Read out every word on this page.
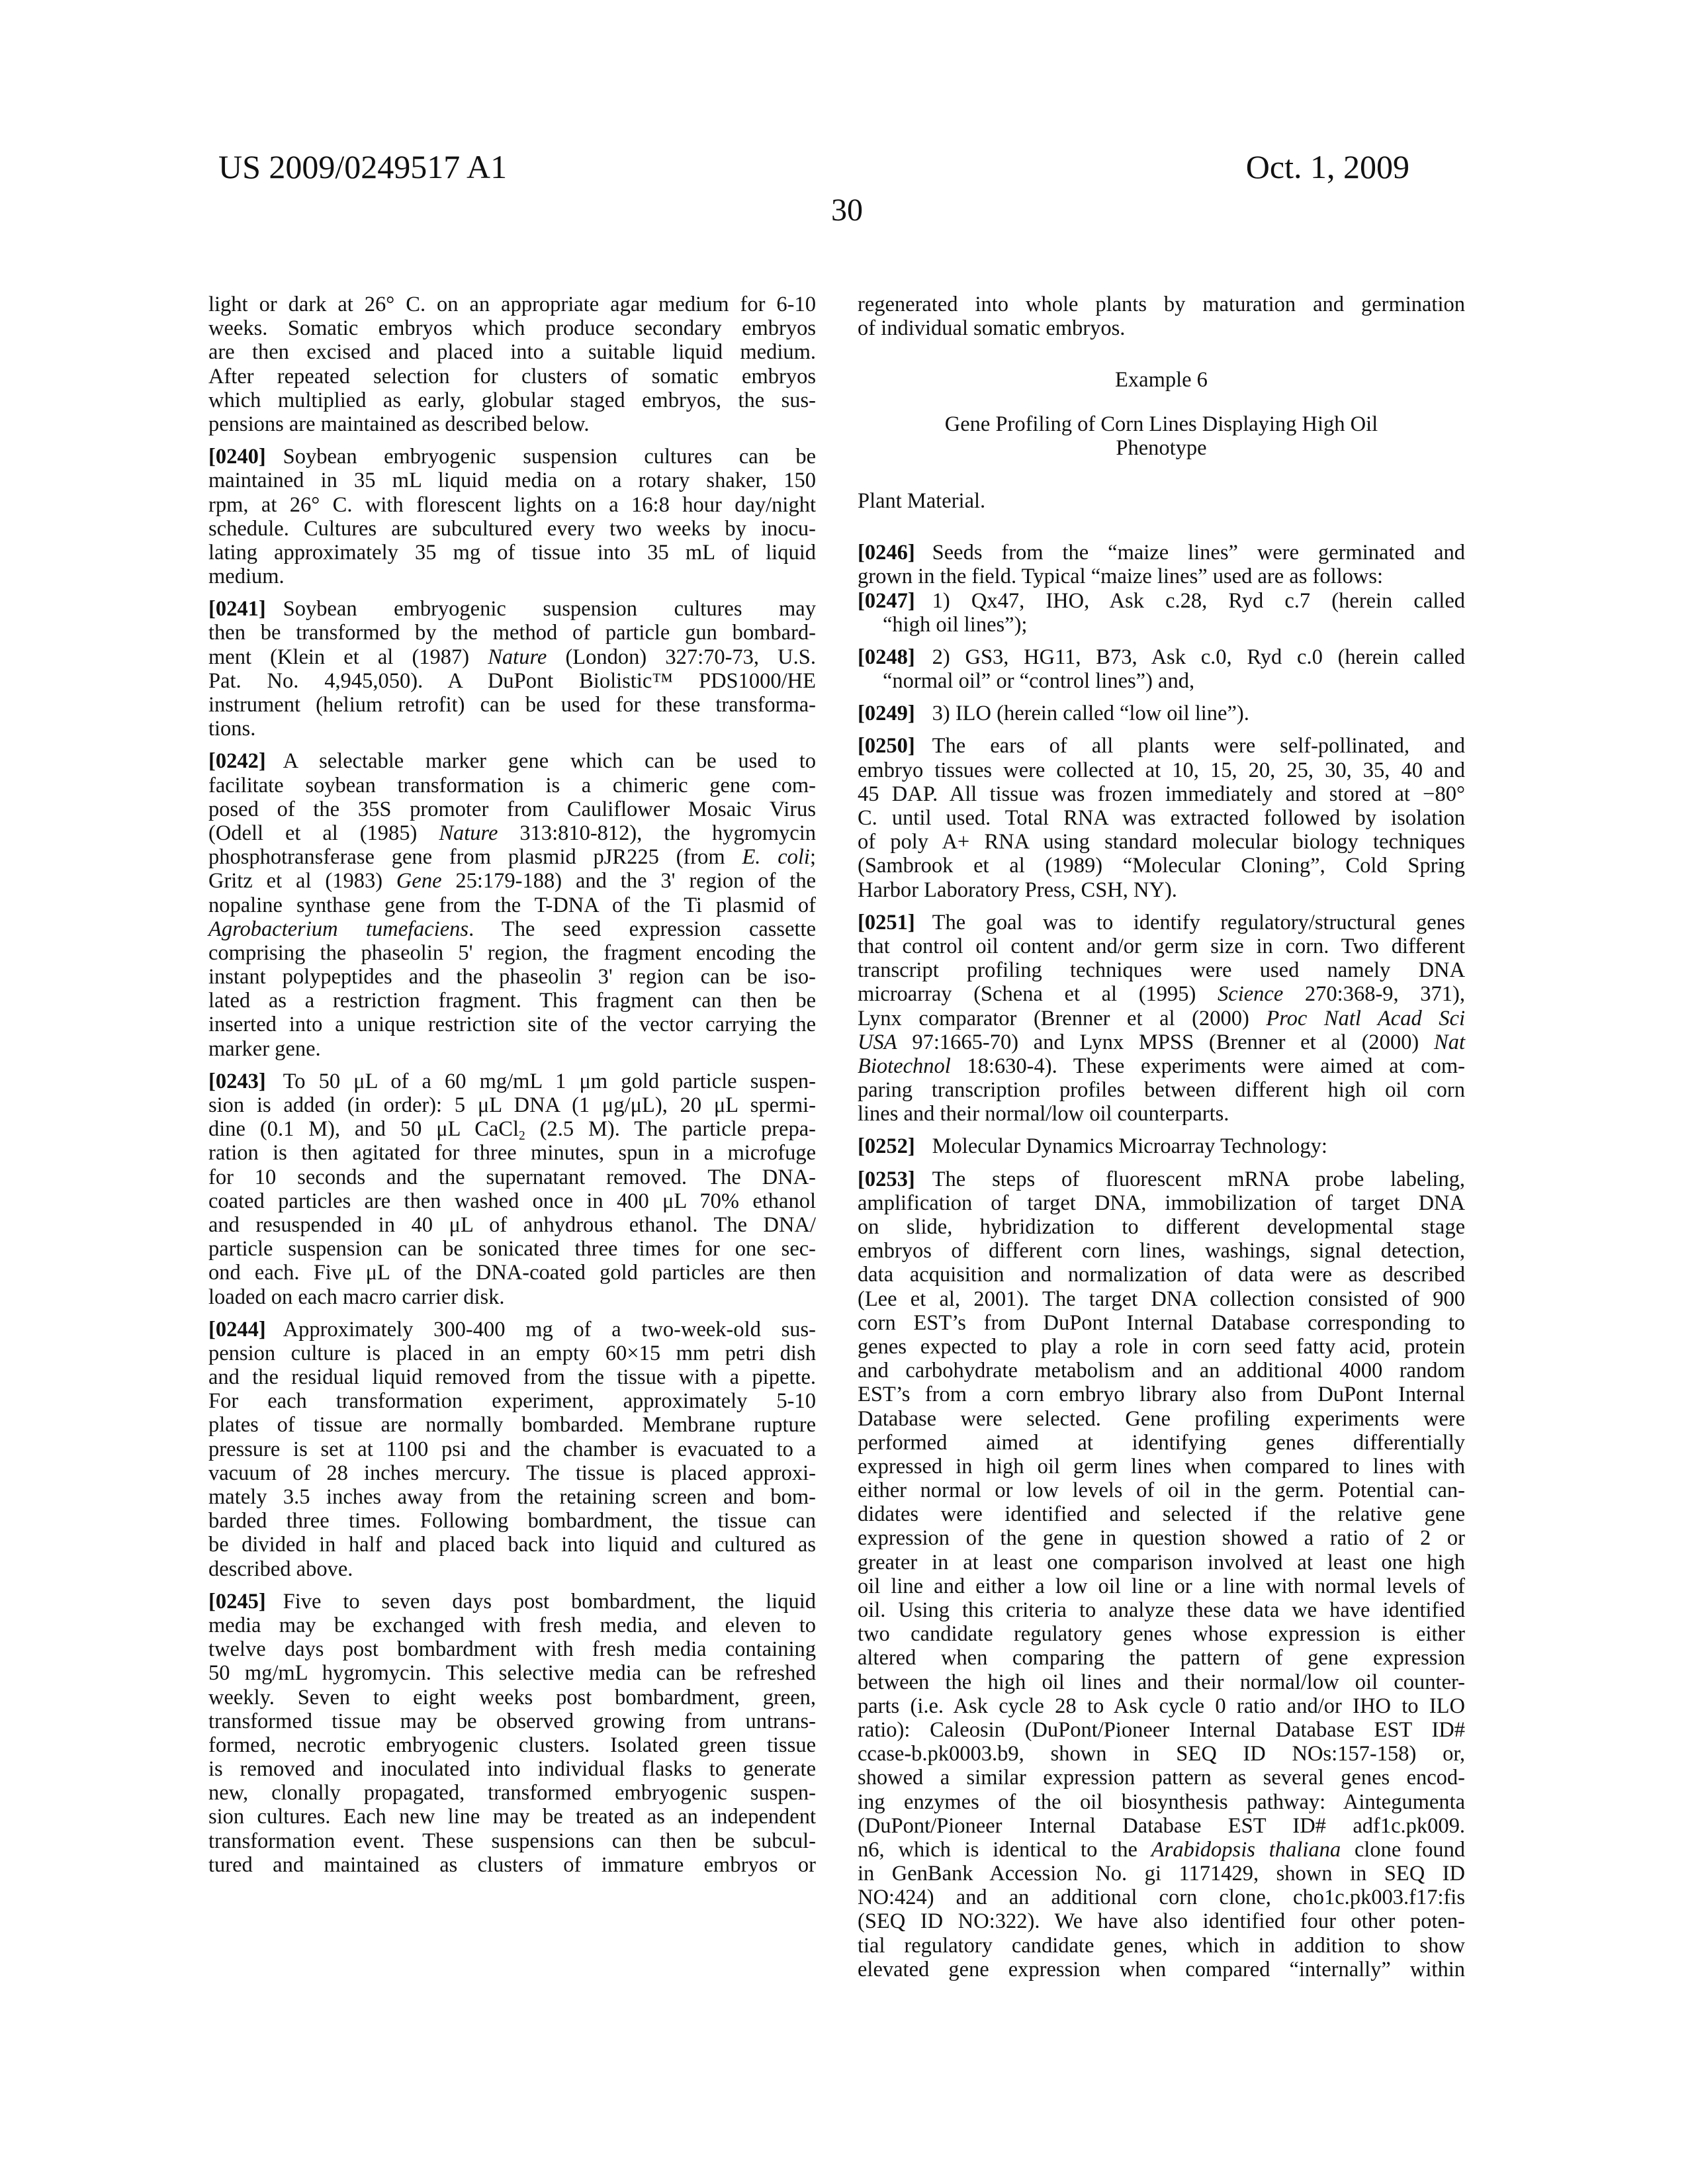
US 2009/0249517 A1	Oct. 1, 2009
30
light or dark at 26° C. on an appropriate agar medium for 6-10
weeks. Somatic embryos which produce secondary embryos
are then excised and placed into a suitable liquid medium.
After repeated selection for clusters of somatic embryos
which multiplied as early, globular staged embryos, the sus-
pensions are maintained as described below.
[0240] Soybean embryogenic suspension cultures can be
maintained in 35 mL liquid media on a rotary shaker, 150
rpm, at 26° C. with florescent lights on a 16:8 hour day/night
schedule. Cultures are subcultured every two weeks by inocu-
lating approximately 35 mg of tissue into 35 mL of liquid
medium.
[0241] Soybean embryogenic suspension cultures may
then be transformed by the method of particle gun bombard-
ment (Klein et al (1987) Nature (London) 327:70-73, U.S.
Pat. No. 4,945,050). A DuPont Biolistic™ PDS1000/HE
instrument (helium retrofit) can be used for these transforma-
tions.
[0242] A selectable marker gene which can be used to
facilitate soybean transformation is a chimeric gene com-
posed of the 35S promoter from Cauliflower Mosaic Virus
(Odell et al (1985) Nature 313:810-812), the hygromycin
phosphotransferase gene from plasmid pJR225 (from E. coli;
Gritz et al (1983) Gene 25:179-188) and the 3' region of the
nopaline synthase gene from the T-DNA of the Ti plasmid of
Agrobacterium tumefaciens. The seed expression cassette
comprising the phaseolin 5' region, the fragment encoding the
instant polypeptides and the phaseolin 3' region can be iso-
lated as a restriction fragment. This fragment can then be
inserted into a unique restriction site of the vector carrying the
marker gene.
[0243] To 50 μL of a 60 mg/mL 1 μm gold particle suspen-
sion is added (in order): 5 μL DNA (1 μg/μL), 20 μL spermi-
dine (0.1 M), and 50 μL CaCl$_2$ (2.5 M). The particle prepa-
ration is then agitated for three minutes, spun in a microfuge
for 10 seconds and the supernatant removed. The DNA-
coated particles are then washed once in 400 μL 70% ethanol
and resuspended in 40 μL of anhydrous ethanol. The DNA/
particle suspension can be sonicated three times for one sec-
ond each. Five μL of the DNA-coated gold particles are then
loaded on each macro carrier disk.
[0244] Approximately 300-400 mg of a two-week-old sus-
pension culture is placed in an empty 60×15 mm petri dish
and the residual liquid removed from the tissue with a pipette.
For each transformation experiment, approximately 5-10
plates of tissue are normally bombarded. Membrane rupture
pressure is set at 1100 psi and the chamber is evacuated to a
vacuum of 28 inches mercury. The tissue is placed approxi-
mately 3.5 inches away from the retaining screen and bom-
barded three times. Following bombardment, the tissue can
be divided in half and placed back into liquid and cultured as
described above.
[0245] Five to seven days post bombardment, the liquid
media may be exchanged with fresh media, and eleven to
twelve days post bombardment with fresh media containing
50 mg/mL hygromycin. This selective media can be refreshed
weekly. Seven to eight weeks post bombardment, green,
transformed tissue may be observed growing from untrans-
formed, necrotic embryogenic clusters. Isolated green tissue
is removed and inoculated into individual flasks to generate
new, clonally propagated, transformed embryogenic suspen-
sion cultures. Each new line may be treated as an independent
transformation event. These suspensions can then be subcul-
tured and maintained as clusters of immature embryos or
regenerated into whole plants by maturation and germination
of individual somatic embryos.
Example 6
Gene Profiling of Corn Lines Displaying High Oil
Phenotype
Plant Material.
[0246] Seeds from the “maize lines” were germinated and
grown in the field. Typical “maize lines” used are as follows:
[0247] 1) Qx47, IHO, Ask c.28, Ryd c.7 (herein called
“high oil lines”);
[0248] 2) GS3, HG11, B73, Ask c.0, Ryd c.0 (herein called
“normal oil” or “control lines”) and,
[0249] 3) ILO (herein called “low oil line”).
[0250] The ears of all plants were self-pollinated, and
embryo tissues were collected at 10, 15, 20, 25, 30, 35, 40 and
45 DAP. All tissue was frozen immediately and stored at −80°
C. until used. Total RNA was extracted followed by isolation
of poly A+ RNA using standard molecular biology techniques
(Sambrook et al (1989) “Molecular Cloning”, Cold Spring
Harbor Laboratory Press, CSH, NY).
[0251] The goal was to identify regulatory/structural genes
that control oil content and/or germ size in corn. Two different
transcript profiling techniques were used namely DNA
microarray (Schena et al (1995) Science 270:368-9, 371),
Lynx comparator (Brenner et al (2000) Proc Natl Acad Sci
USA 97:1665-70) and Lynx MPSS (Brenner et al (2000) Nat
Biotechnol 18:630-4). These experiments were aimed at com-
paring transcription profiles between different high oil corn
lines and their normal/low oil counterparts.
[0252] Molecular Dynamics Microarray Technology:
[0253] The steps of fluorescent mRNA probe labeling,
amplification of target DNA, immobilization of target DNA
on slide, hybridization to different developmental stage
embryos of different corn lines, washings, signal detection,
data acquisition and normalization of data were as described
(Lee et al, 2001). The target DNA collection consisted of 900
corn EST’s from DuPont Internal Database corresponding to
genes expected to play a role in corn seed fatty acid, protein
and carbohydrate metabolism and an additional 4000 random
EST’s from a corn embryo library also from DuPont Internal
Database were selected. Gene profiling experiments were
performed aimed at identifying genes differentially
expressed in high oil germ lines when compared to lines with
either normal or low levels of oil in the germ. Potential can-
didates were identified and selected if the relative gene
expression of the gene in question showed a ratio of 2 or
greater in at least one comparison involved at least one high
oil line and either a low oil line or a line with normal levels of
oil. Using this criteria to analyze these data we have identified
two candidate regulatory genes whose expression is either
altered when comparing the pattern of gene expression
between the high oil lines and their normal/low oil counter-
parts (i.e. Ask cycle 28 to Ask cycle 0 ratio and/or IHO to ILO
ratio): Caleosin (DuPont/Pioneer Internal Database EST ID#
ccase-b.pk0003.b9, shown in SEQ ID NOs:157-158) or,
showed a similar expression pattern as several genes encod-
ing enzymes of the oil biosynthesis pathway: Aintegumenta
(DuPont/Pioneer Internal Database EST ID# adf1c.pk009.
n6, which is identical to the Arabidopsis thaliana clone found
in GenBank Accession No. gi 1171429, shown in SEQ ID
NO:424) and an additional corn clone, cho1c.pk003.f17:fis
(SEQ ID NO:322). We have also identified four other poten-
tial regulatory candidate genes, which in addition to show
elevated gene expression when compared “internally” within
